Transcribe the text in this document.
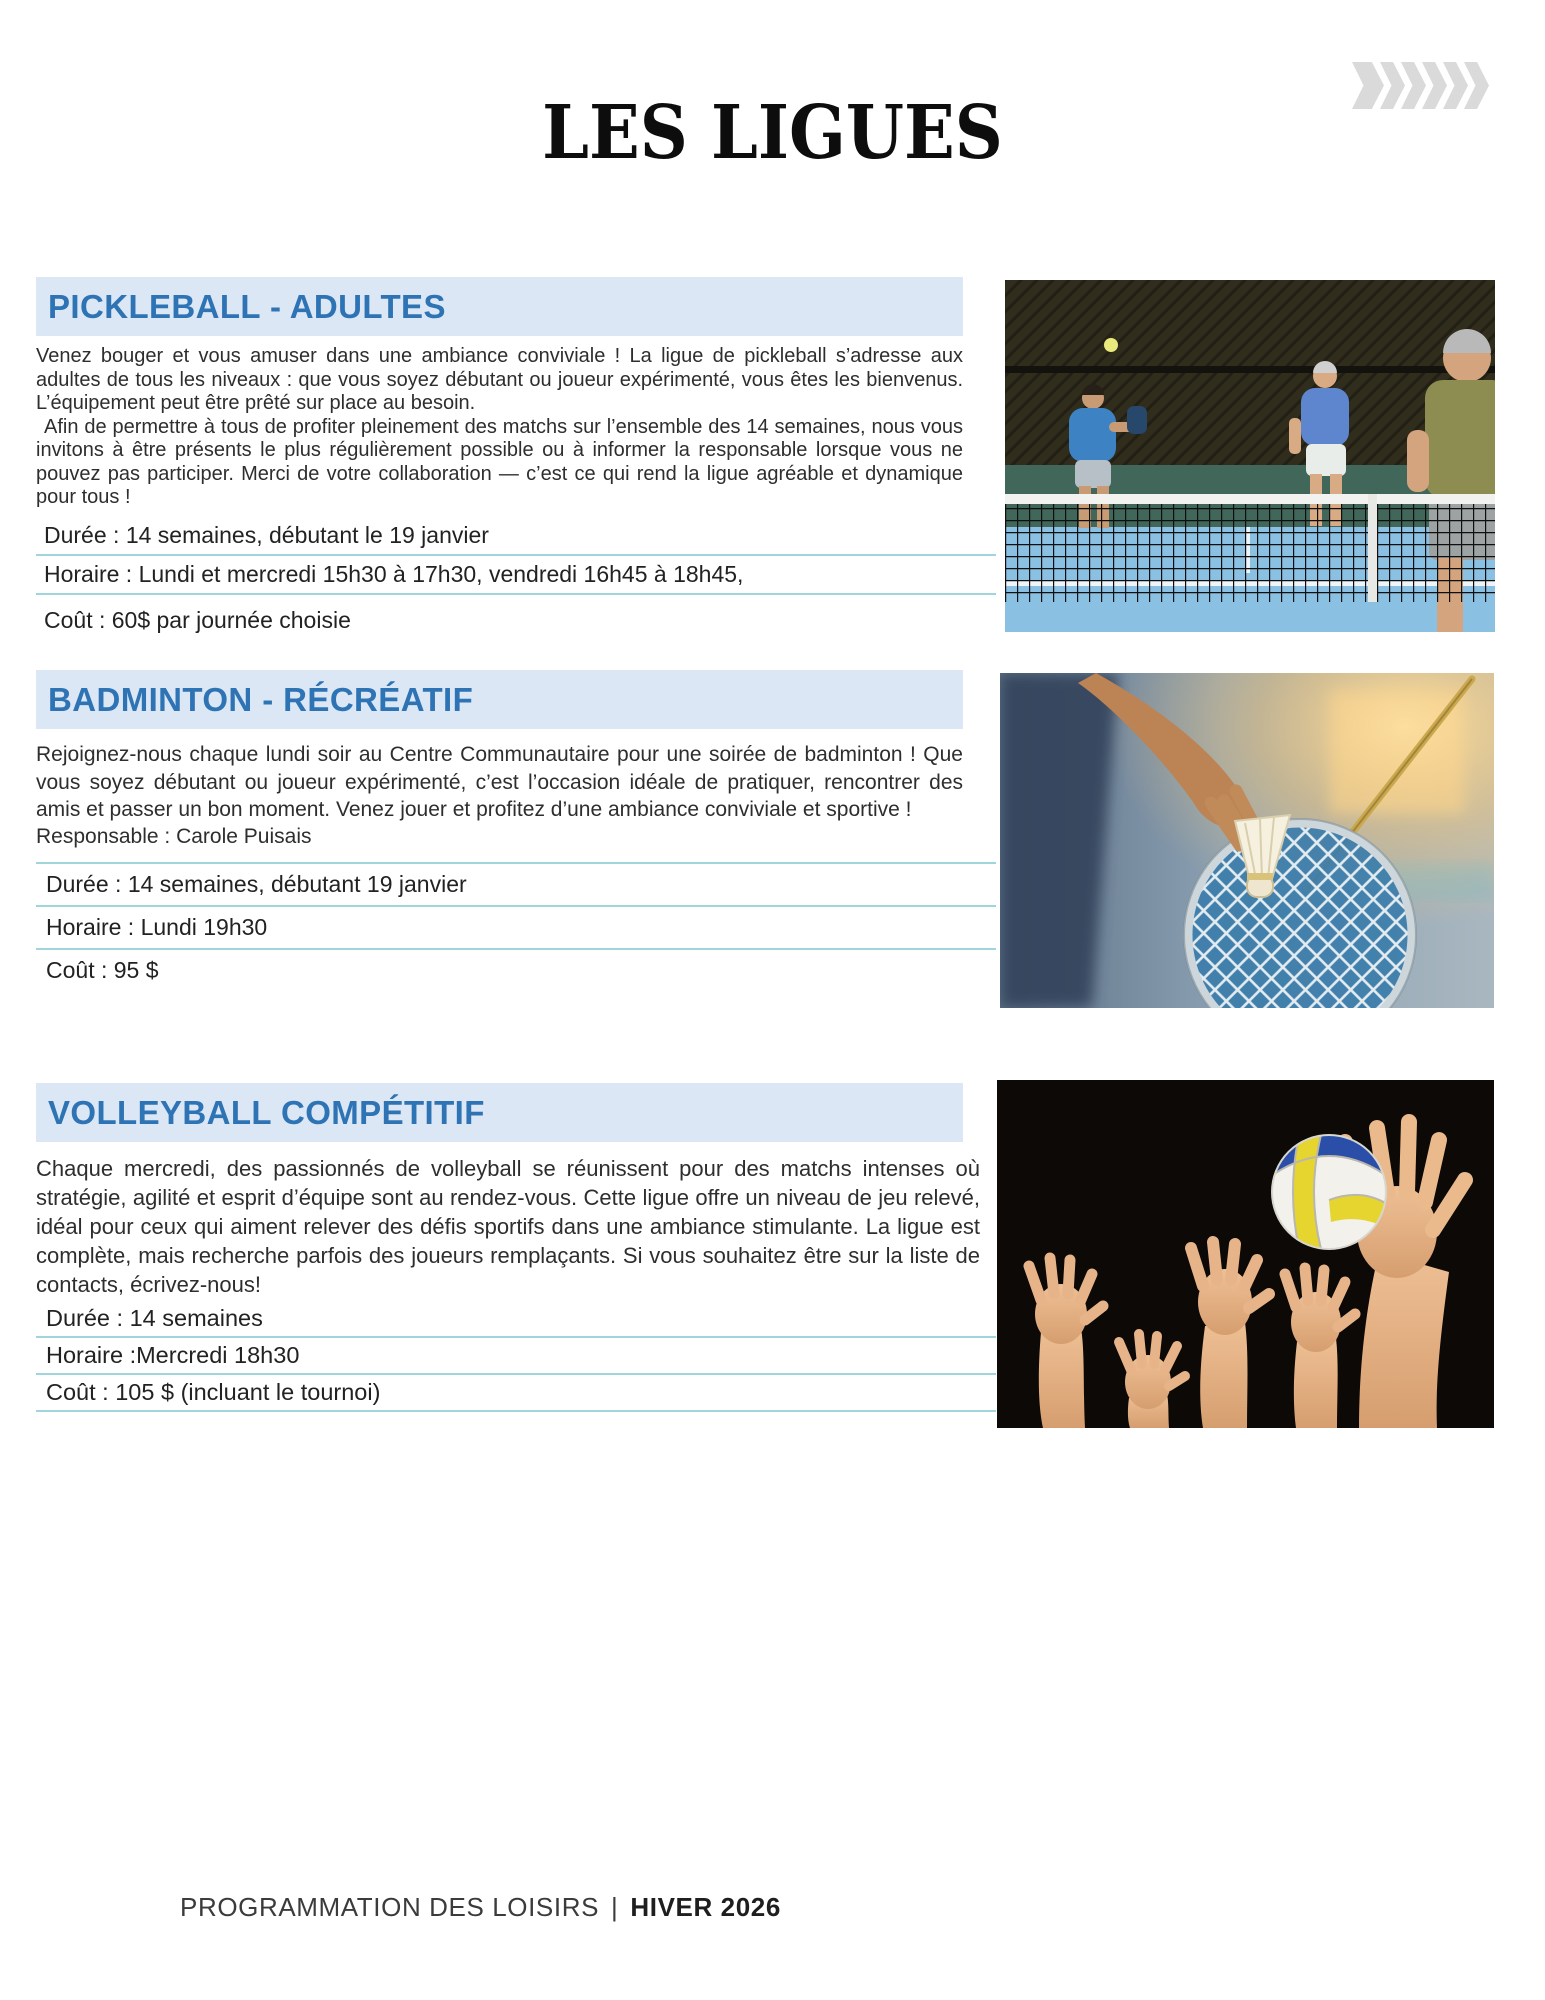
LES LIGUES
PICKLEBALL - ADULTES

Venez bouger et vous amuser dans une ambiance conviviale ! La ligue de pickleball s’adresse aux adultes de tous les niveaux : que vous soyez débutant ou joueur expérimenté, vous êtes les bienvenus. L’équipement peut être prêté sur place au besoin.

Afin de permettre à tous de profiter pleinement des matchs sur l’ensemble des 14 semaines, nous vous invitons à être présents le plus régulièrement possible ou à informer la responsable lorsque vous ne pouvez pas participer. Merci de votre collaboration — c’est ce qui rend la ligue agréable et dynamique pour tous !

Durée : 14 semaines, débutant le 19 janvier
Horaire : Lundi et mercredi 15h30 à 17h30, vendredi 16h45 à 18h45,
Coût : 60$ par journée choisie
BADMINTON - RÉCRÉATIF

Rejoignez-nous chaque lundi soir au Centre Communautaire pour une soirée de badminton ! Que vous soyez débutant ou joueur expérimenté, c’est l’occasion idéale de pratiquer, rencontrer des amis et passer un bon moment. Venez jouer et profitez d’une ambiance conviviale et sportive !

Responsable : Carole Puisais
Durée : 14 semaines, débutant 19 janvier
Horaire : Lundi 19h30
Coût : 95 $
VOLLEYBALL COMPÉTITIF

Chaque mercredi, des passionnés de volleyball se réunissent pour des matchs intenses où stratégie, agilité et esprit d’équipe sont au rendez-vous. Cette ligue offre un niveau de jeu relevé, idéal pour ceux qui aiment relever des défis sportifs dans une ambiance stimulante. La ligue est complète, mais recherche parfois des joueurs remplaçants. Si vous souhaitez être sur la liste de contacts, écrivez-nous!

Durée : 14 semaines
Horaire :Mercredi 18h30
Coût : 105 $ (incluant le tournoi)
PROGRAMMATION DES LOISIRS | HIVER 2026
